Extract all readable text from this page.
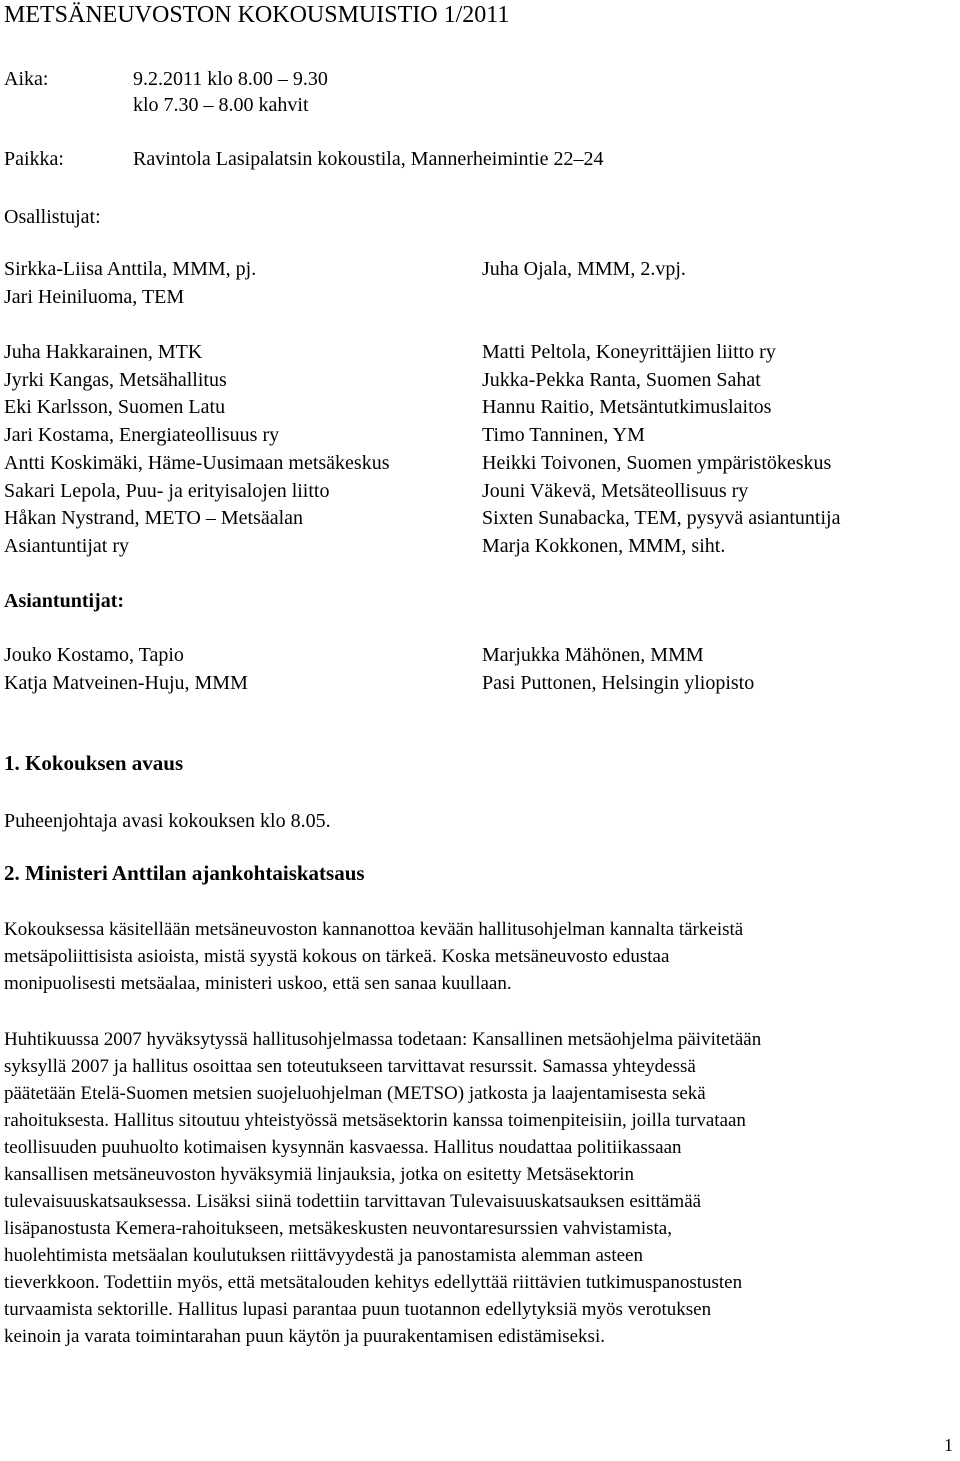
METSÄNEUVOSTON KOKOUSMUISTIO 1/2011
Aika:	9.2.2011 klo 8.00 – 9.30
klo 7.30 – 8.00 kahvit
Paikka:	Ravintola Lasipalatsin kokoustila, Mannerheimintie 22–24
Osallistujat:
Sirkka-Liisa Anttila, MMM, pj.
Jari Heiniluoma, TEM
Juha Ojala, MMM, 2.vpj.
Juha Hakkarainen, MTK
Jyrki Kangas, Metsähallitus
Eki Karlsson, Suomen Latu
Jari Kostama, Energiateollisuus ry
Antti Koskimäki, Häme-Uusimaan metsäkeskus
Sakari Lepola, Puu- ja erityisalojen liitto
Håkan Nystrand, METO – Metsäalan
Asiantuntijat ry
Matti Peltola, Koneyrittäjien liitto ry
Jukka-Pekka Ranta, Suomen Sahat
Hannu Raitio, Metsäntutkimuslaitos
Timo Tanninen, YM
Heikki Toivonen, Suomen ympäristökeskus
Jouni Väkevä, Metsäteollisuus ry
Sixten Sunabacka, TEM, pysyvä asiantuntija
Marja Kokkonen, MMM, siht.
Asiantuntijat:
Jouko Kostamo, Tapio
Katja Matveinen-Huju, MMM
Marjukka Mähönen, MMM
Pasi Puttonen, Helsingin yliopisto
1. Kokouksen avaus
Puheenjohtaja avasi kokouksen klo 8.05.
2. Ministeri Anttilan ajankohtaiskatsaus

Kokouksessa käsitellään metsäneuvoston kannanottoa kevään hallitusohjelman kannalta tärkeistä

metsäpoliittisista asioista, mistä syystä kokous on tärkeä. Koska metsäneuvosto edustaa

monipuolisesti metsäalaa, ministeri uskoo, että sen sanaa kuullaan.

Huhtikuussa 2007 hyväksytyssä hallitusohjelmassa todetaan: Kansallinen metsäohjelma päivitetään

syksyllä 2007 ja hallitus osoittaa sen toteutukseen tarvittavat resurssit. Samassa yhteydessä

päätetään Etelä-Suomen metsien suojeluohjelman (METSO) jatkosta ja laajentamisesta sekä

rahoituksesta. Hallitus sitoutuu yhteistyössä metsäsektorin kanssa toimenpiteisiin, joilla turvataan

teollisuuden puuhuolto kotimaisen kysynnän kasvaessa. Hallitus noudattaa politiikassaan

kansallisen metsäneuvoston hyväksymiä linjauksia, jotka on esitetty Metsäsektorin

tulevaisuuskatsauksessa. Lisäksi siinä todettiin tarvittavan Tulevaisuuskatsauksen esittämää

lisäpanostusta Kemera-rahoitukseen, metsäkeskusten neuvontaresurssien vahvistamista,

huolehtimista metsäalan koulutuksen riittävyydestä ja panostamista alemman asteen

tieverkkoon. Todettiin myös, että metsätalouden kehitys edellyttää riittävien tutkimuspanostusten

turvaamista sektorille. Hallitus lupasi parantaa puun tuotannon edellytyksiä myös verotuksen

keinoin ja varata toimintarahan puun käytön ja puurakentamisen edistämiseksi.

1
